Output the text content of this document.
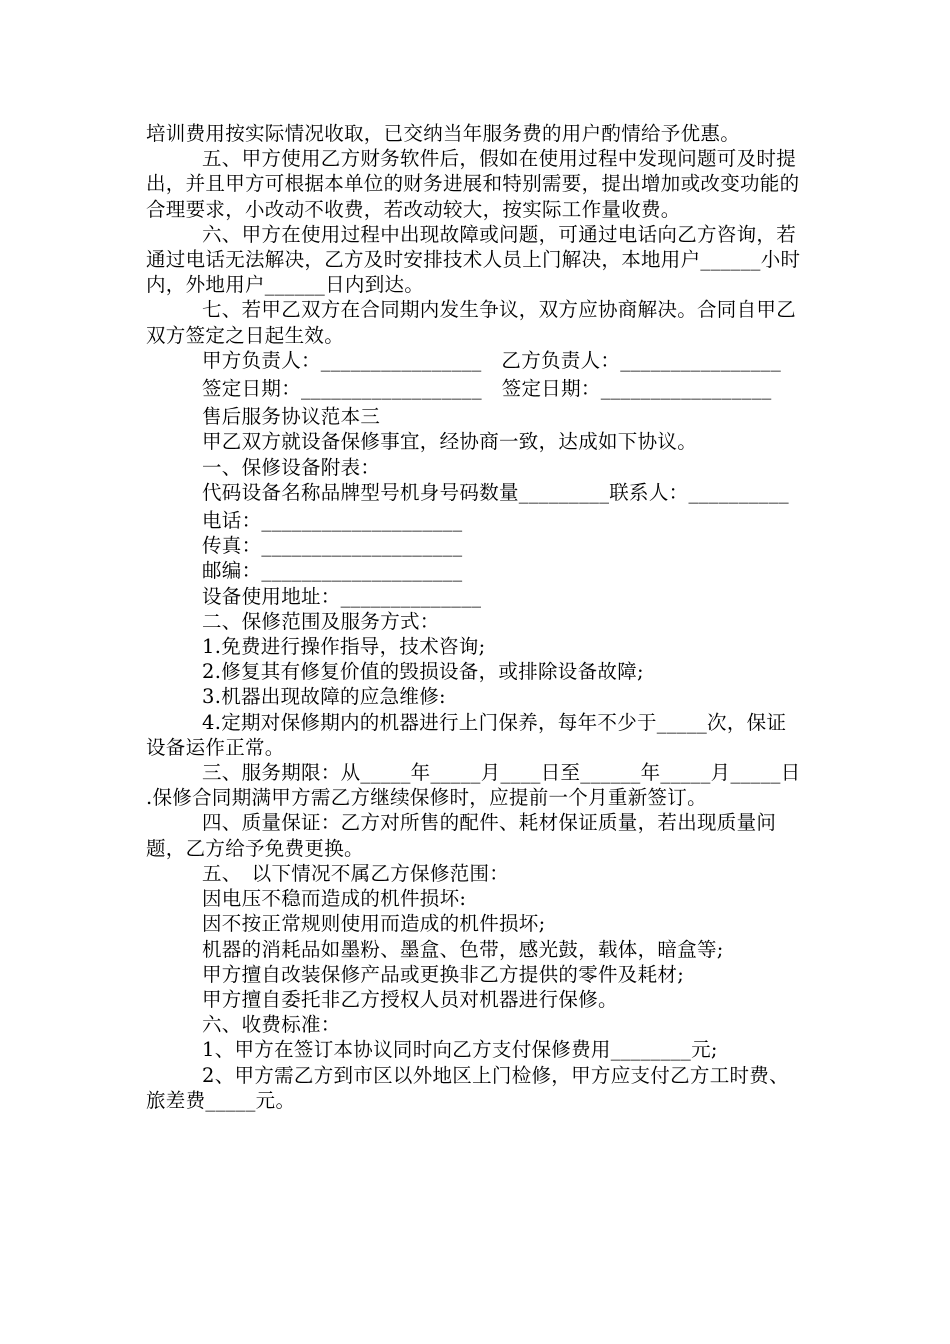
培训费用按实际情况收取，已交纳当年服务费的用户酌情给予优惠。

五、甲方使用乙方财务软件后，假如在使用过程中发现问题可及时提出，并且甲方可根据本单位的财务进展和特别需要，提出增加或改变功能的合理要求，小改动不收费，若改动较大，按实际工作量收费。

六、甲方在使用过程中出现故障或问题，可通过电话向乙方咨询，若通过电话无法解决，乙方及时安排技术人员上门解决，本地用户______小时内，外地用户______日内到达。

七、若甲乙双方在合同期内发生争议，双方应协商解决。合同自甲乙双方签定之日起生效。

甲方负责人：________________　乙方负责人：________________

签定日期：__________________　签定日期：_________________

售后服务协议范本三

甲乙双方就设备保修事宜，经协商一致，达成如下协议。

一、保修设备附表：

代码设备名称品牌型号机身号码数量_________联系人：__________

电话：____________________

传真：____________________

邮编：____________________

设备使用地址：______________

二、保修范围及服务方式：

1.免费进行操作指导，技术咨询;

2.修复其有修复价值的毁损设备，或排除设备故障;

3.机器出现故障的应急维修:

4.定期对保修期内的机器进行上门保养，每年不少于_____次，保证设备运作正常。

三、服务期限：从_____年_____月____日至______年_____月_____日 .保修合同期满甲方需乙方继续保修时，应提前一个月重新签订。

四、质量保证：乙方对所售的配件、耗材保证质量，若出现质量问题，乙方给予免费更换。

五、　以下情况不属乙方保修范围：

因电压不稳而造成的机件损坏:

因不按正常规则使用而造成的机件损坏;

机器的消耗品如墨粉、墨盒、色带，感光鼓，载体，暗盒等;

甲方擅自改装保修产品或更换非乙方提供的零件及耗材;

甲方擅自委托非乙方授权人员对机器进行保修。

六、收费标准：

1、甲方在签订本协议同时向乙方支付保修费用________元;

2、甲方需乙方到市区以外地区上门检修，甲方应支付乙方工时费、旅差费_____元。
